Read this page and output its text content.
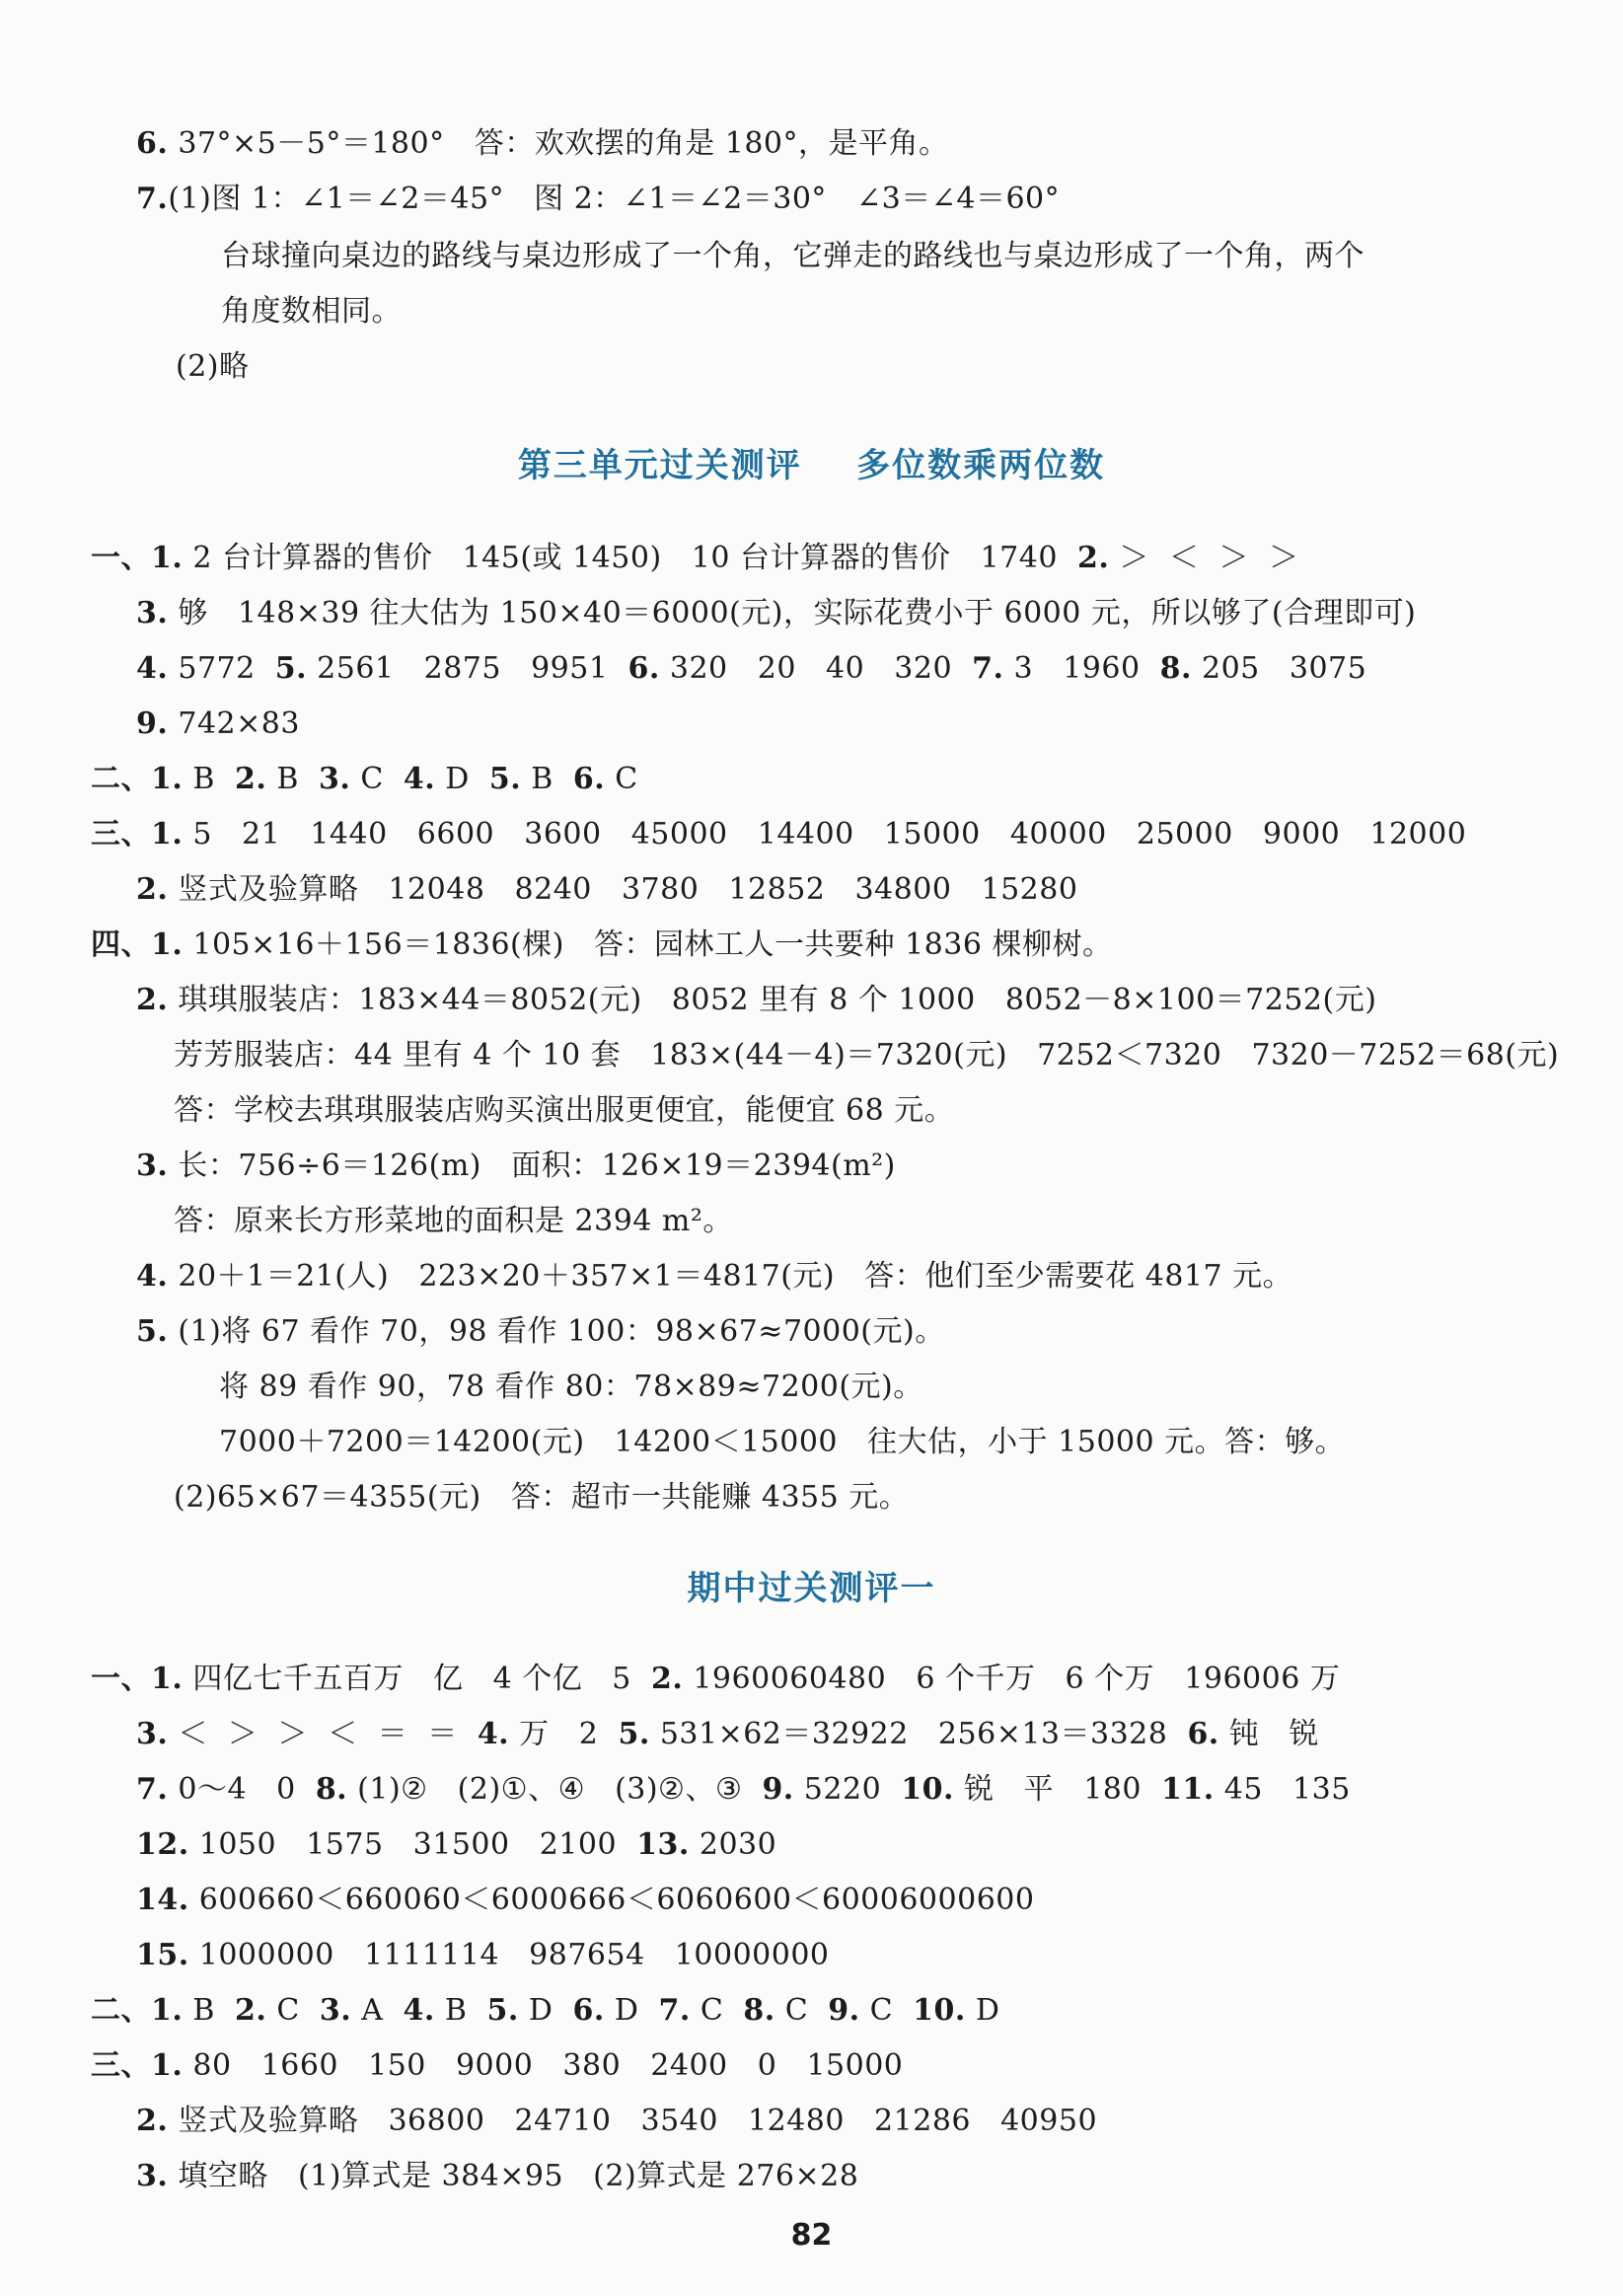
6. 37°×5－5°＝180°   答：欢欢摆的角是 180°，是平角。
7.(1)图 1：∠1＝∠2＝45°   图 2：∠1＝∠2＝30°   ∠3＝∠4＝60°
台球撞向桌边的路线与桌边形成了一个角，它弹走的路线也与桌边形成了一个角，两个
角度数相同。
(2)略
第三单元过关测评    多位数乘两位数
一、1. 2 台计算器的售价   145(或 1450)   10 台计算器的售价   1740  2. ＞  ＜  ＞  ＞
3. 够   148×39 往大估为 150×40＝6000(元)，实际花费小于 6000 元，所以够了(合理即可)
4. 5772  5. 2561   2875   9951  6. 320   20   40   320  7. 3   1960  8. 205   3075
9. 742×83
二、1. B  2. B  3. C  4. D  5. B  6. C
三、1. 5   21   1440   6600   3600   45000   14400   15000   40000   25000   9000   12000
2. 竖式及验算略   12048   8240   3780   12852   34800   15280
四、1. 105×16＋156＝1836(棵)   答：园林工人一共要种 1836 棵柳树。
2. 琪琪服装店：183×44＝8052(元)   8052 里有 8 个 1000   8052－8×100＝7252(元)
芳芳服装店：44 里有 4 个 10 套   183×(44－4)＝7320(元)   7252＜7320   7320－7252＝68(元)
答：学校去琪琪服装店购买演出服更便宜，能便宜 68 元。
3. 长：756÷6＝126(m)   面积：126×19＝2394(m²)
答：原来长方形菜地的面积是 2394 m²。
4. 20＋1＝21(人)   223×20＋357×1＝4817(元)   答：他们至少需要花 4817 元。
5. (1)将 67 看作 70，98 看作 100：98×67≈7000(元)。
将 89 看作 90，78 看作 80：78×89≈7200(元)。
7000＋7200＝14200(元)   14200＜15000   往大估，小于 15000 元。答：够。
(2)65×67＝4355(元)   答：超市一共能赚 4355 元。
期中过关测评一
一、1. 四亿七千五百万   亿   4 个亿   5  2. 1960060480   6 个千万   6 个万   196006 万
3. ＜  ＞  ＞  ＜  ＝  ＝  4. 万   2  5. 531×62＝32922   256×13＝3328  6. 钝   锐
7. 0～4   0  8. (1)②   (2)①、④   (3)②、③  9. 5220  10. 锐   平   180  11. 45   135
12. 1050   1575   31500   2100  13. 2030
14. 600660＜660060＜6000666＜6060600＜60006000600
15. 1000000   1111114   987654   10000000
二、1. B  2. C  3. A  4. B  5. D  6. D  7. C  8. C  9. C  10. D
三、1. 80   1660   150   9000   380   2400   0   15000
2. 竖式及验算略   36800   24710   3540   12480   21286   40950
3. 填空略   (1)算式是 384×95   (2)算式是 276×28
82
